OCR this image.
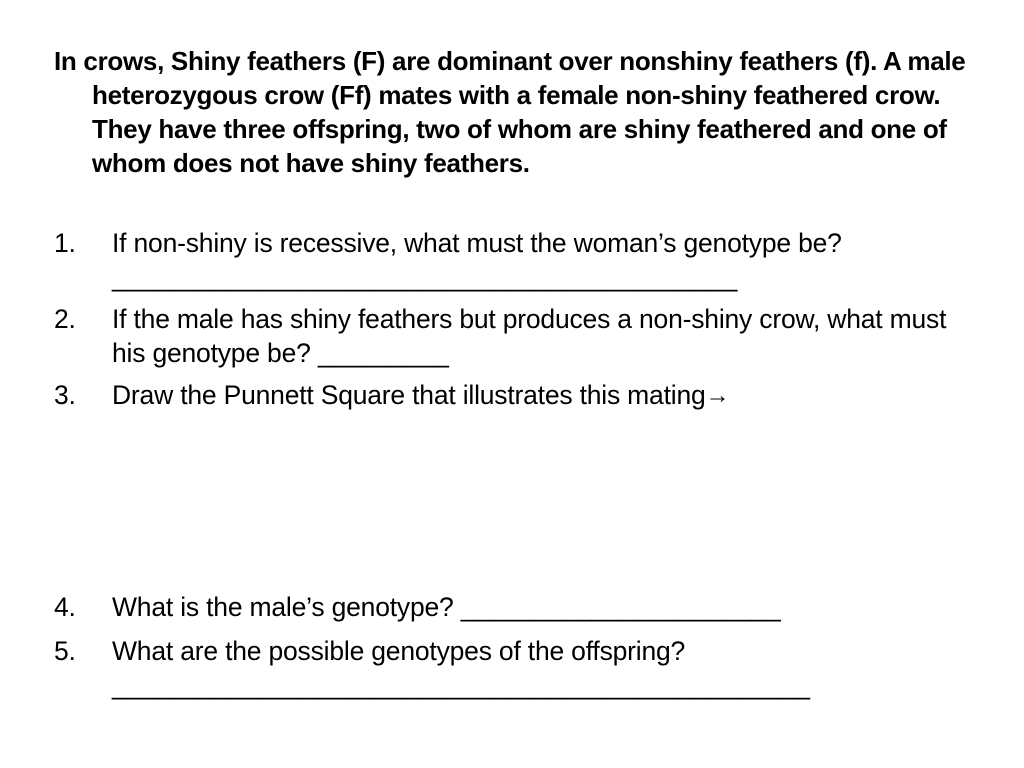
In crows, Shiny feathers (F) are dominant over nonshiny feathers (f). A male heterozygous crow (Ff) mates with a female non-shiny feathered crow. They have three offspring, two of whom are shiny feathered and one of whom does not have shiny feathers.

1.	If non-shiny is recessive, what must the woman’s genotype be? ___________________________________________
2.	If the male has shiny feathers but produces a non-shiny crow, what must his genotype be? _________
3.	Draw the Punnett Square that illustrates this mating→
4.	What is the male’s genotype? ______________________
5.	What are the possible genotypes of the offspring? ________________________________________________
